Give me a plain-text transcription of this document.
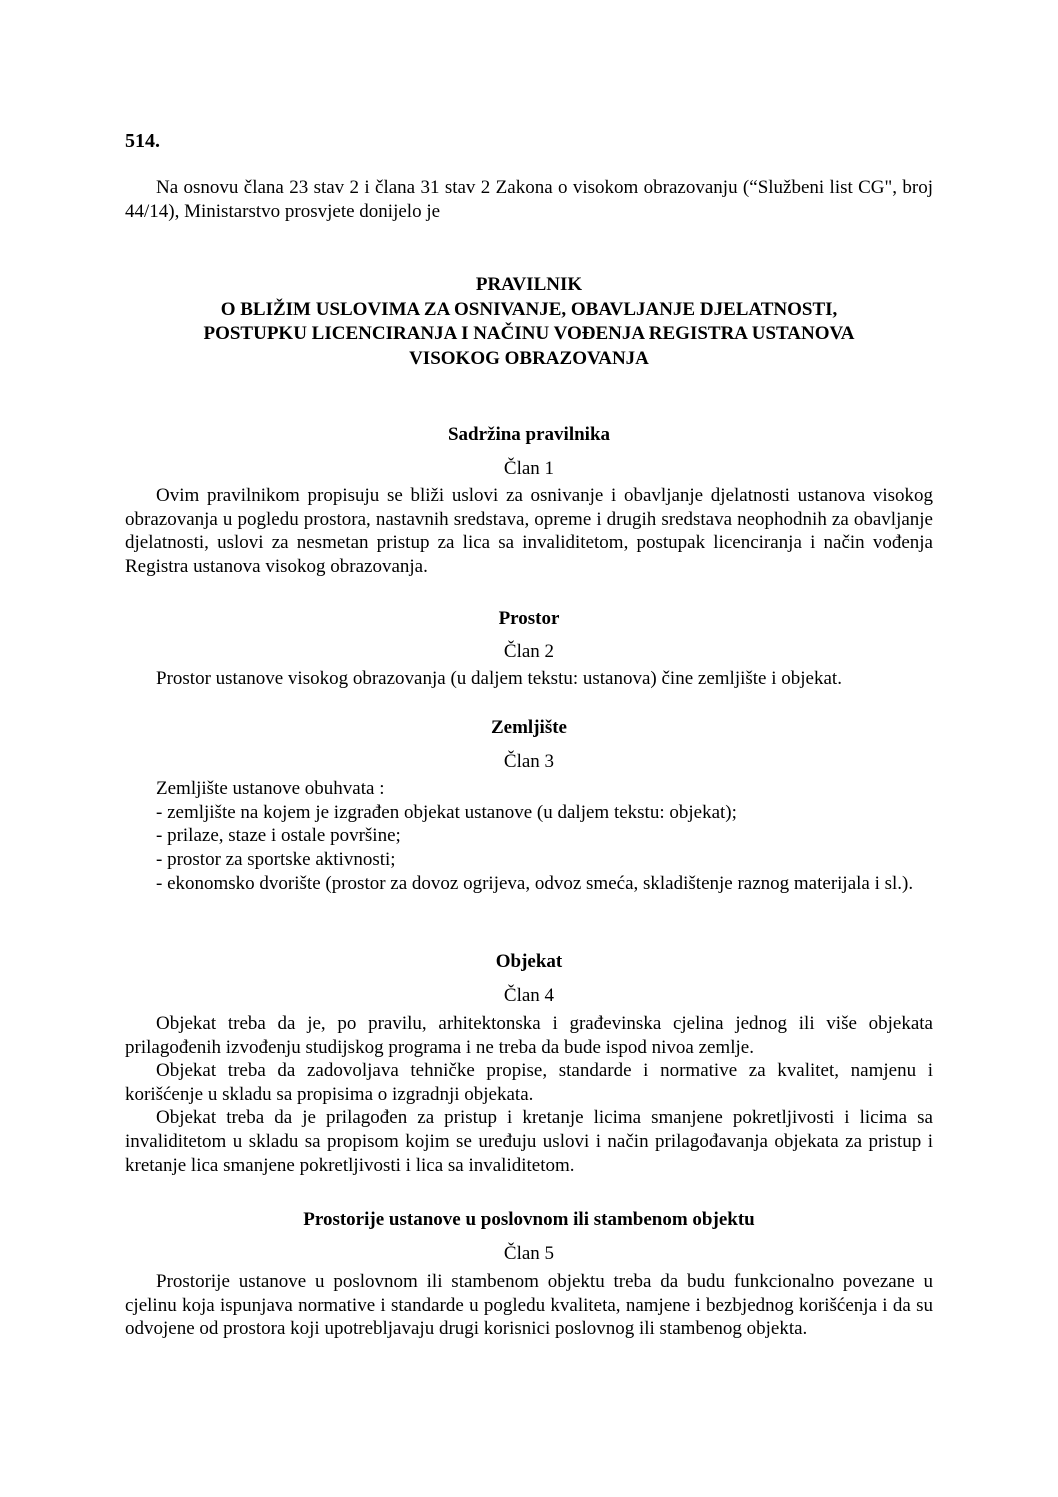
514.
Na osnovu člana 23 stav 2 i člana 31 stav 2 Zakona o visokom obrazovanju (“Službeni list CG", broj 44/14), Ministarstvo prosvjete donijelo je
PRAVILNIK
O BLIŽIM USLOVIMA ZA OSNIVANJE, OBAVLJANJE DJELATNOSTI,
POSTUPKU LICENCIRANJA I NAČINU VOĐENJA REGISTRA USTANOVA
VISOKOG OBRAZOVANJA
Sadržina pravilnika
Član 1
Ovim pravilnikom propisuju se bliži uslovi za osnivanje i obavljanje djelatnosti ustanova visokog obrazovanja u pogledu prostora, nastavnih sredstava, opreme i drugih sredstava neophodnih za obavljanje djelatnosti, uslovi za nesmetan pristup za lica sa invaliditetom, postupak licenciranja i način vođenja Registra ustanova visokog obrazovanja.
Prostor
Član 2
Prostor ustanove visokog obrazovanja (u daljem tekstu: ustanova) čine zemljište i objekat.
Zemljište
Član 3
Zemljište ustanove obuhvata :
- zemljište na kojem je izgrađen objekat ustanove (u daljem tekstu: objekat);
- prilaze, staze i ostale površine;
- prostor za sportske aktivnosti;
- ekonomsko dvorište (prostor za dovoz ogrijeva, odvoz smeća, skladištenje raznog materijala i sl.).
Objekat
Član 4
Objekat treba da je, po pravilu, arhitektonska i građevinska cjelina jednog ili više objekata prilagođenih izvođenju studijskog programa i ne treba da bude ispod nivoa zemlje.
Objekat treba da zadovoljava tehničke propise, standarde i normative za kvalitet, namjenu i korišćenje u skladu sa propisima o izgradnji objekata.
Objekat treba da je prilagođen za pristup i kretanje licima smanjene pokretljivosti i licima sa invaliditetom u skladu sa propisom kojim se uređuju uslovi i način prilagođavanja objekata za pristup i kretanje lica smanjene pokretljivosti i lica sa invaliditetom.
Prostorije ustanove u poslovnom ili stambenom objektu
Član 5
Prostorije ustanove u poslovnom ili stambenom objektu treba da budu funkcionalno povezane u cjelinu koja ispunjava normative i standarde u pogledu kvaliteta, namjene i bezbjednog korišćenja i da su odvojene od prostora koji upotrebljavaju drugi korisnici poslovnog ili stambenog objekta.
